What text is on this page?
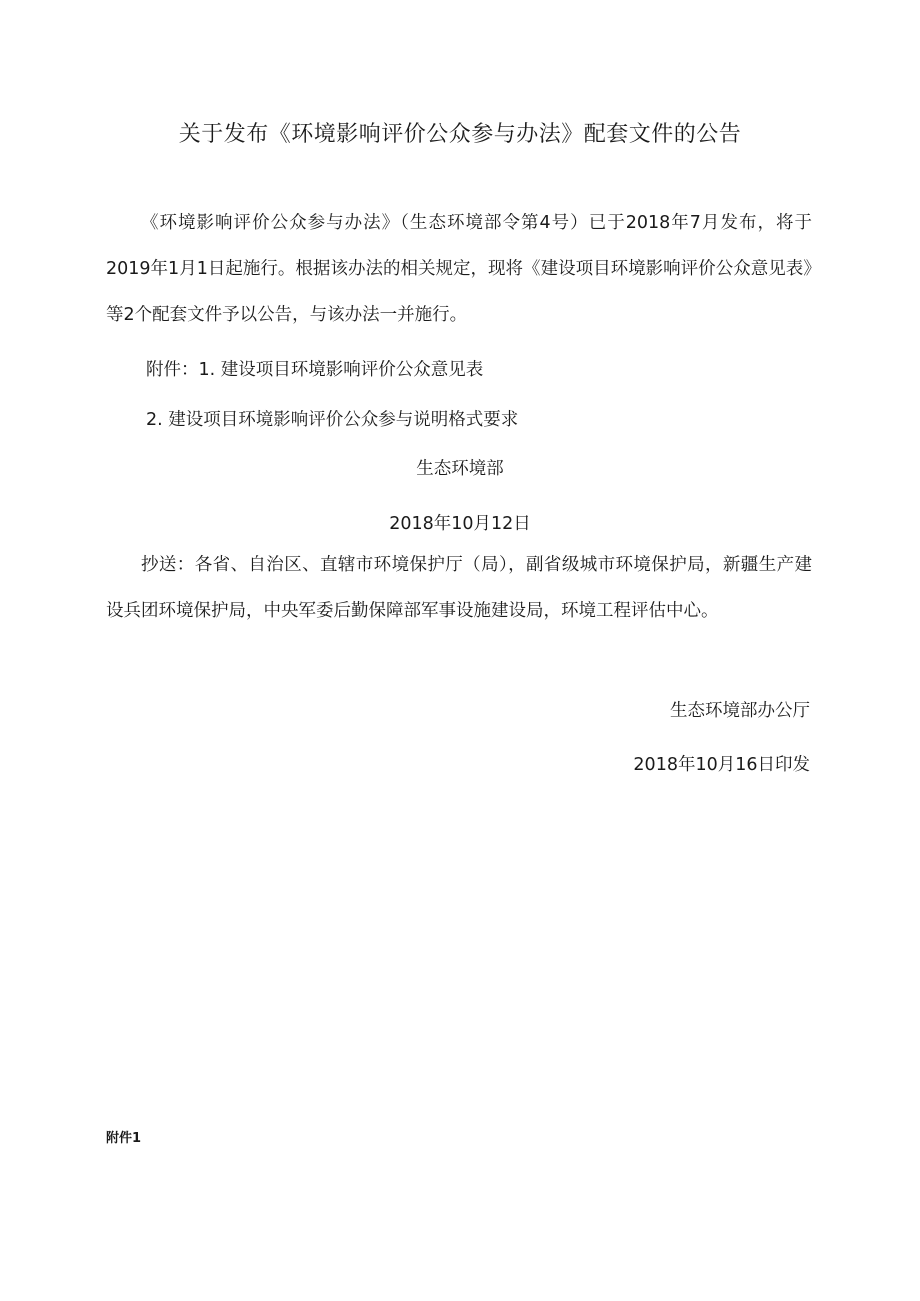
关于发布《环境影响评价公众参与办法》配套文件的公告

《环境影响评价公众参与办法》（生态环境部令第4号）已于2018年7月发布，将于2019年1月1日起施行。根据该办法的相关规定，现将《建设项目环境影响评价公众意见表》等2个配套文件予以公告，与该办法一并施行。

附件：1. 建设项目环境影响评价公众意见表

2. 建设项目环境影响评价公众参与说明格式要求

生态环境部

2018年10月12日

抄送：各省、自治区、直辖市环境保护厅（局），副省级城市环境保护局，新疆生产建设兵团环境保护局，中央军委后勤保障部军事设施建设局，环境工程评估中心。

生态环境部办公厅

2018年10月16日印发

附件1
